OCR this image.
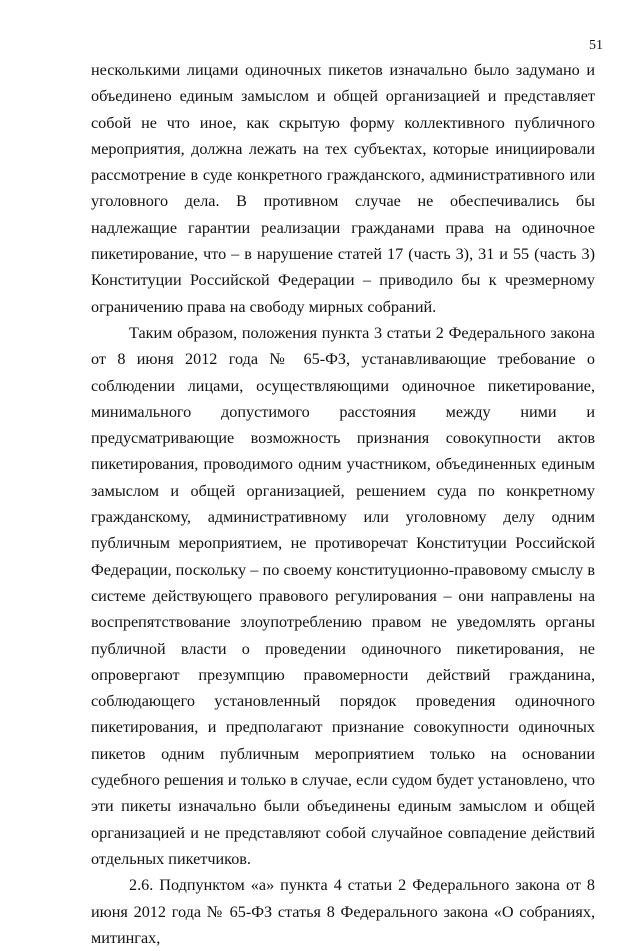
51

несколькими лицами одиночных пикетов изначально было задумано и объединено единым замыслом и общей организацией и представляет собой не что иное, как скрытую форму коллективного публичного мероприятия, должна лежать на тех субъектах, которые инициировали рассмотрение в суде конкретного гражданского, административного или уголовного дела. В противном случае не обеспечивались бы надлежащие гарантии реализации гражданами права на одиночное пикетирование, что – в нарушение статей 17 (часть 3), 31 и 55 (часть 3) Конституции Российской Федерации – приводило бы к чрезмерному ограничению права на свободу мирных собраний.

Таким образом, положения пункта 3 статьи 2 Федерального закона от 8 июня 2012 года № 65-ФЗ, устанавливающие требование о соблюдении лицами, осуществляющими одиночное пикетирование, минимального допустимого расстояния между ними и предусматривающие возможность признания совокупности актов пикетирования, проводимого одним участником, объединенных единым замыслом и общей организацией, решением суда по конкретному гражданскому, административному или уголовному делу одним публичным мероприятием, не противоречат Конституции Российской Федерации, поскольку – по своему конституционно-правовому смыслу в системе действующего правового регулирования – они направлены на воспрепятствование злоупотреблению правом не уведомлять органы публичной власти о проведении одиночного пикетирования, не опровергают презумпцию правомерности действий гражданина, соблюдающего установленный порядок проведения одиночного пикетирования, и предполагают признание совокупности одиночных пикетов одним публичным мероприятием только на основании судебного решения и только в случае, если судом будет установлено, что эти пикеты изначально были объединены единым замыслом и общей организацией и не представляют собой случайное совпадение действий отдельных пикетчиков.

2.6. Подпунктом «а» пункта 4 статьи 2 Федерального закона от 8 июня 2012 года № 65-ФЗ статья 8 Федерального закона «О собраниях, митингах,
